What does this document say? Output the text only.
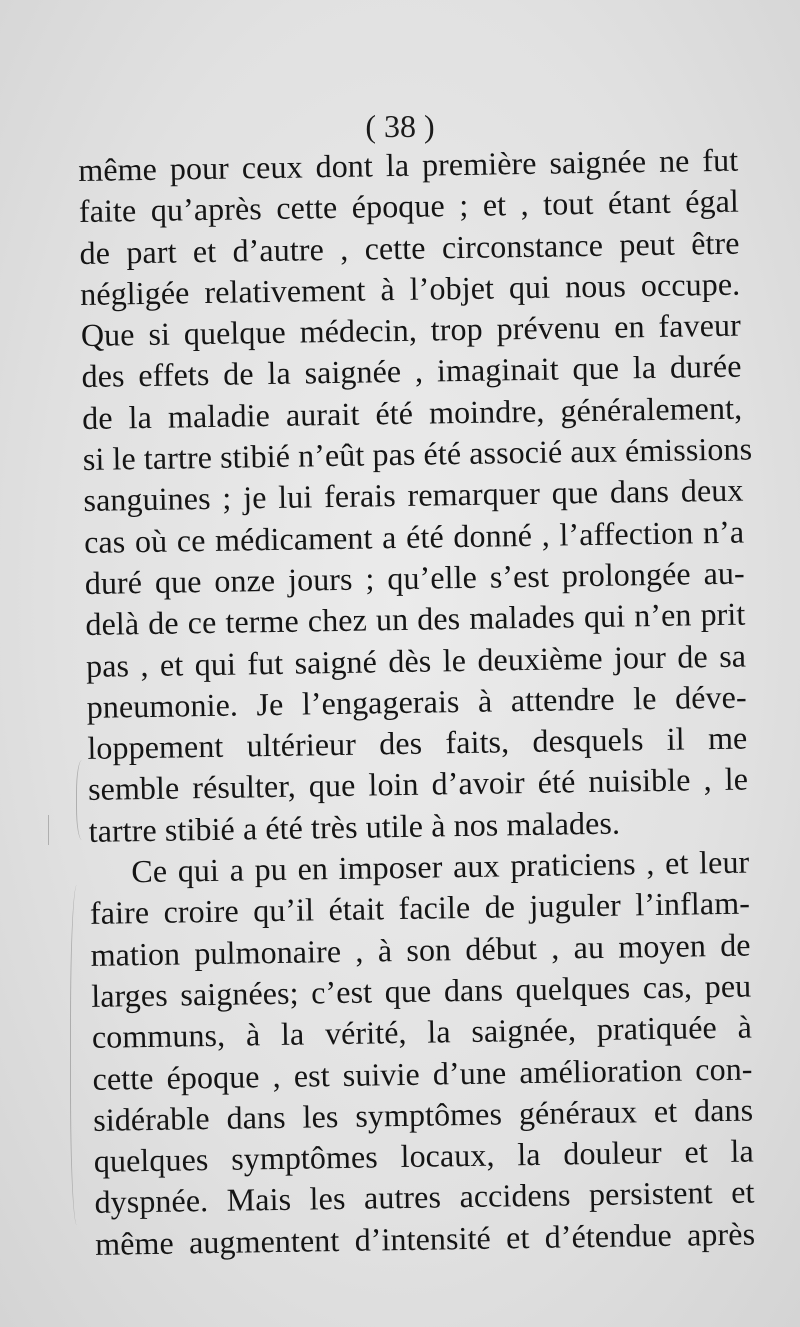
( 38 )
même pour ceux dont la première saignée ne fut
faite qu’après cette époque ; et , tout étant égal
de part et d’autre , cette circonstance peut être
négligée relativement à l’objet qui nous occupe.
Que si quelque médecin, trop prévenu en faveur
des effets de la saignée , imaginait que la durée
de la maladie aurait été moindre, généralement,
si le tartre stibié n’eût pas été associé aux émissions
sanguines ; je lui ferais remarquer que dans deux
cas où ce médicament a été donné , l’affection n’a
duré que onze jours ; qu’elle s’est prolongée au-
delà de ce terme chez un des malades qui n’en prit
pas , et qui fut saigné dès le deuxième jour de sa
pneumonie. Je l’engagerais à attendre le déve-
loppement ultérieur des faits, desquels il me
semble résulter, que loin d’avoir été nuisible , le
tartre stibié a été très utile à nos malades.
Ce qui a pu en imposer aux praticiens , et leur
faire croire qu’il était facile de juguler l’inflam-
mation pulmonaire , à son début , au moyen de
larges saignées; c’est que dans quelques cas, peu
communs, à la vérité, la saignée, pratiquée à
cette époque , est suivie d’une amélioration con-
sidérable dans les symptômes généraux et dans
quelques symptômes locaux, la douleur et la
dyspnée. Mais les autres accidens persistent et
même augmentent d’intensité et d’étendue après
